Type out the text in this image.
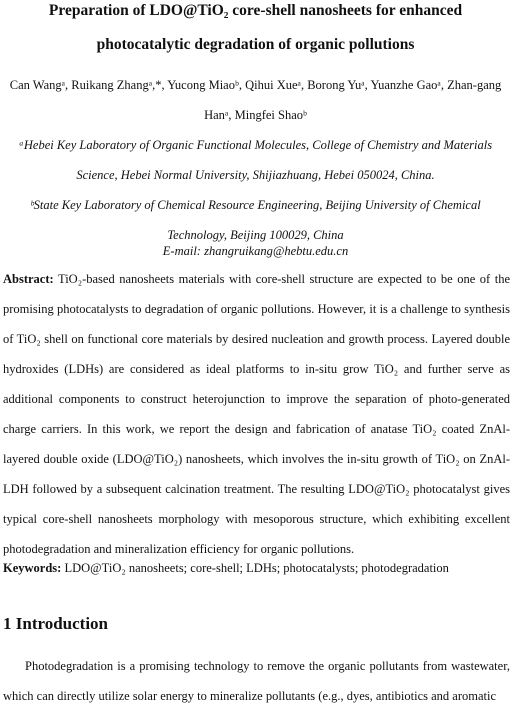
Preparation of LDO@TiO₂ core-shell nanosheets for enhanced
photocatalytic degradation of organic pollutions
Can Wangᵃ, Ruikang Zhangᵃ,*, Yucong Miaoᵇ, Qihui Xueᵃ, Borong Yuᵃ, Yuanzhe Gaoᵃ, Zhan-gang
Hanᵃ, Mingfei Shaoᵇ
ᵃHebei Key Laboratory of Organic Functional Molecules, College of Chemistry and Materials
Science, Hebei Normal University, Shijiazhuang, Hebei 050024, China.
ᵇState Key Laboratory of Chemical Resource Engineering, Beijing University of Chemical
Technology, Beijing 100029, China
E-mail: zhangruikang@hebtu.edu.cn
Abstract: TiO₂-based nanosheets materials with core-shell structure are expected to be one of the promising photocatalysts to degradation of organic pollutions. However, it is a challenge to synthesis of TiO₂ shell on functional core materials by desired nucleation and growth process. Layered double hydroxides (LDHs) are considered as ideal platforms to in-situ grow TiO₂ and further serve as additional components to construct heterojunction to improve the separation of photo-generated charge carriers. In this work, we report the design and fabrication of anatase TiO₂ coated ZnAl-layered double oxide (LDO@TiO₂) nanosheets, which involves the in-situ growth of TiO₂ on ZnAl-LDH followed by a subsequent calcination treatment. The resulting LDO@TiO₂ photocatalyst gives typical core-shell nanosheets morphology with mesoporous structure, which exhibiting excellent photodegradation and mineralization efficiency for organic pollutions.
Keywords: LDO@TiO₂ nanosheets; core-shell; LDHs; photocatalysts; photodegradation
1 Introduction
Photodegradation is a promising technology to remove the organic pollutants from wastewater, which can directly utilize solar energy to mineralize pollutants (e.g., dyes, antibiotics and aromatic
